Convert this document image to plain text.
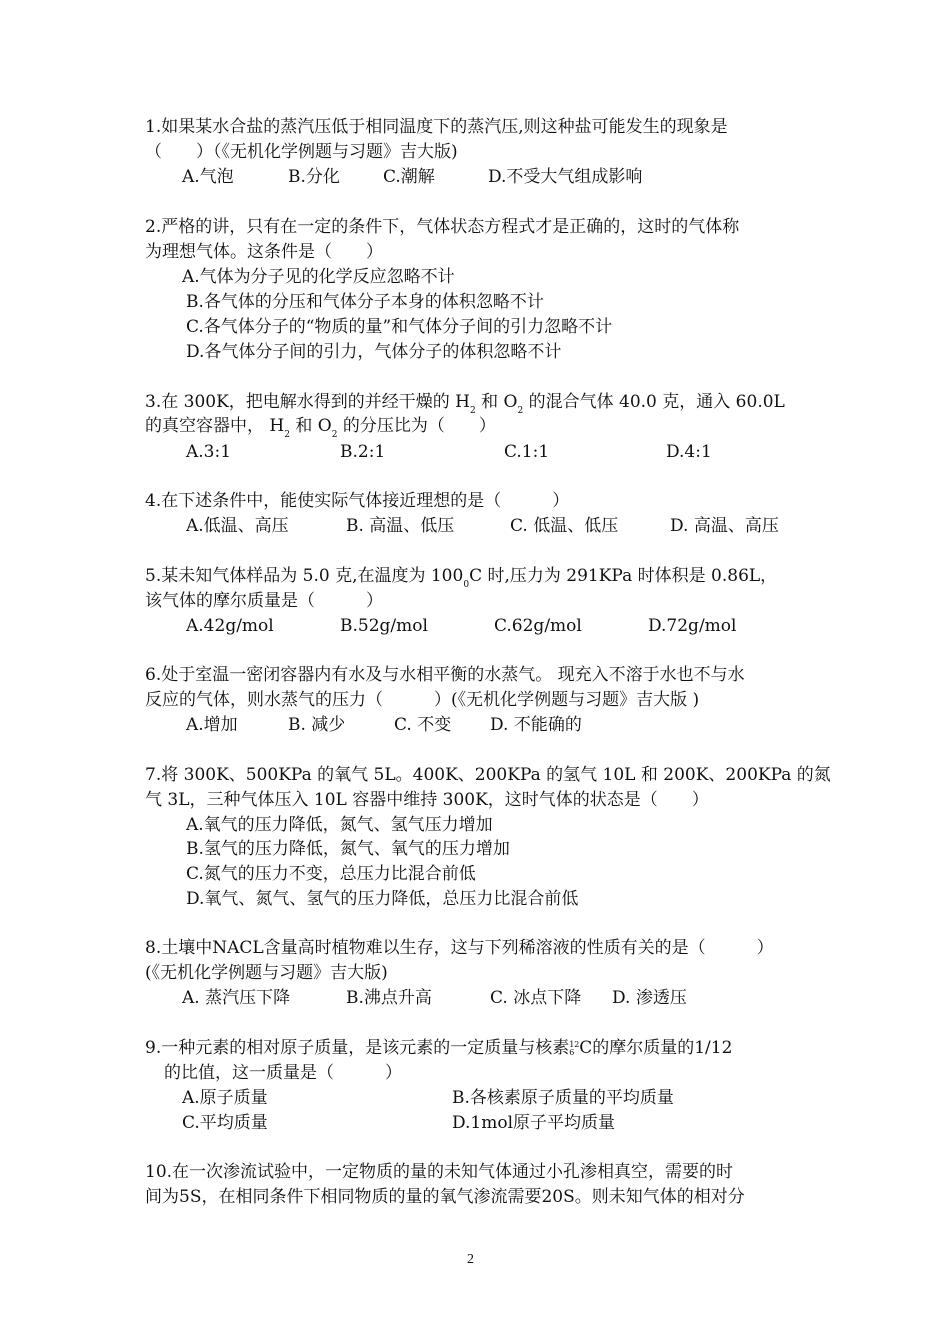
1.如果某水合盐的蒸汽压低于相同温度下的蒸汽压,则这种盐可能发生的现象是
（　　）（《无机化学例题与习题》吉大版)
A.气泡	B.分化	C.潮解	D.不受大气组成影响
2.严格的讲，只有在一定的条件下，气体状态方程式才是正确的，这时的气体称
为理想气体。这条件是（　　）
A.气体为分子见的化学反应忽略不计
B.各气体的分压和气体分子本身的体积忽略不计
C.各气体分子的“物质的量”和气体分子间的引力忽略不计
D.各气体分子间的引力，气体分子的体积忽略不计
3.在 300K，把电解水得到的并经干燥的 $H_2$ 和 $O_2$ 的混合气体 40.0 克，通入 60.0L
的真空容器中， $H_2$ 和 $O_2$ 的分压比为（　　）
A.3:1	B.2:1	C.1:1	D.4:1
4.在下述条件中，能使实际气体接近理想的是（　　　）
A.低温、高压	B. 高温、低压	C. 低温、低压	D. 高温、高压
5.某未知气体样品为 5.0 克,在温度为 $100_0C$ 时,压力为 291KPa 时体积是 0.86L，
该气体的摩尔质量是（　　　）
A.42g/mol	B.52g/mol	C.62g/mol	D.72g/mol
6.处于室温一密闭容器内有水及与水相平衡的水蒸气。 现充入不溶于水也不与水
反应的气体，则水蒸气的压力（　　　）(《无机化学例题与习题》吉大版 )
A.增加	B. 减少	C. 不变 D. 不能确的
7.将 300K、500KPa 的氧气 5L。400K、200KPa 的氢气 10L 和 200K、200KPa 的氮
气 3L，三种气体压入 10L 容器中维持 300K，这时气体的状态是（　　）
A.氧气的压力降低，氮气、氢气压力增加
B.氢气的压力降低，氮气、氧气的压力增加
C.氮气的压力不变，总压力比混合前低
D.氧气、氮气、氢气的压力降低，总压力比混合前低
8.土壤中NACL含量高时植物难以生存，这与下列稀溶液的性质有关的是（　　　）
(《无机化学例题与习题》吉大版)
A. 蒸汽压下降	B.沸点升高	C. 冰点下降 D. 渗透压
9.一种元素的相对原子质量，是该元素的一定质量与核素 12
6 C的摩尔质量的1/12
的比值，这一质量是（　　　）
A.原子质量	B.各核素原子质量的平均质量
C.平均质量	D.1mol原子平均质量
10.在一次渗流试验中，一定物质的量的未知气体通过小孔渗相真空，需要的时
间为5S，在相同条件下相同物质的量的氧气渗流需要20S。则未知气体的相对分
2
